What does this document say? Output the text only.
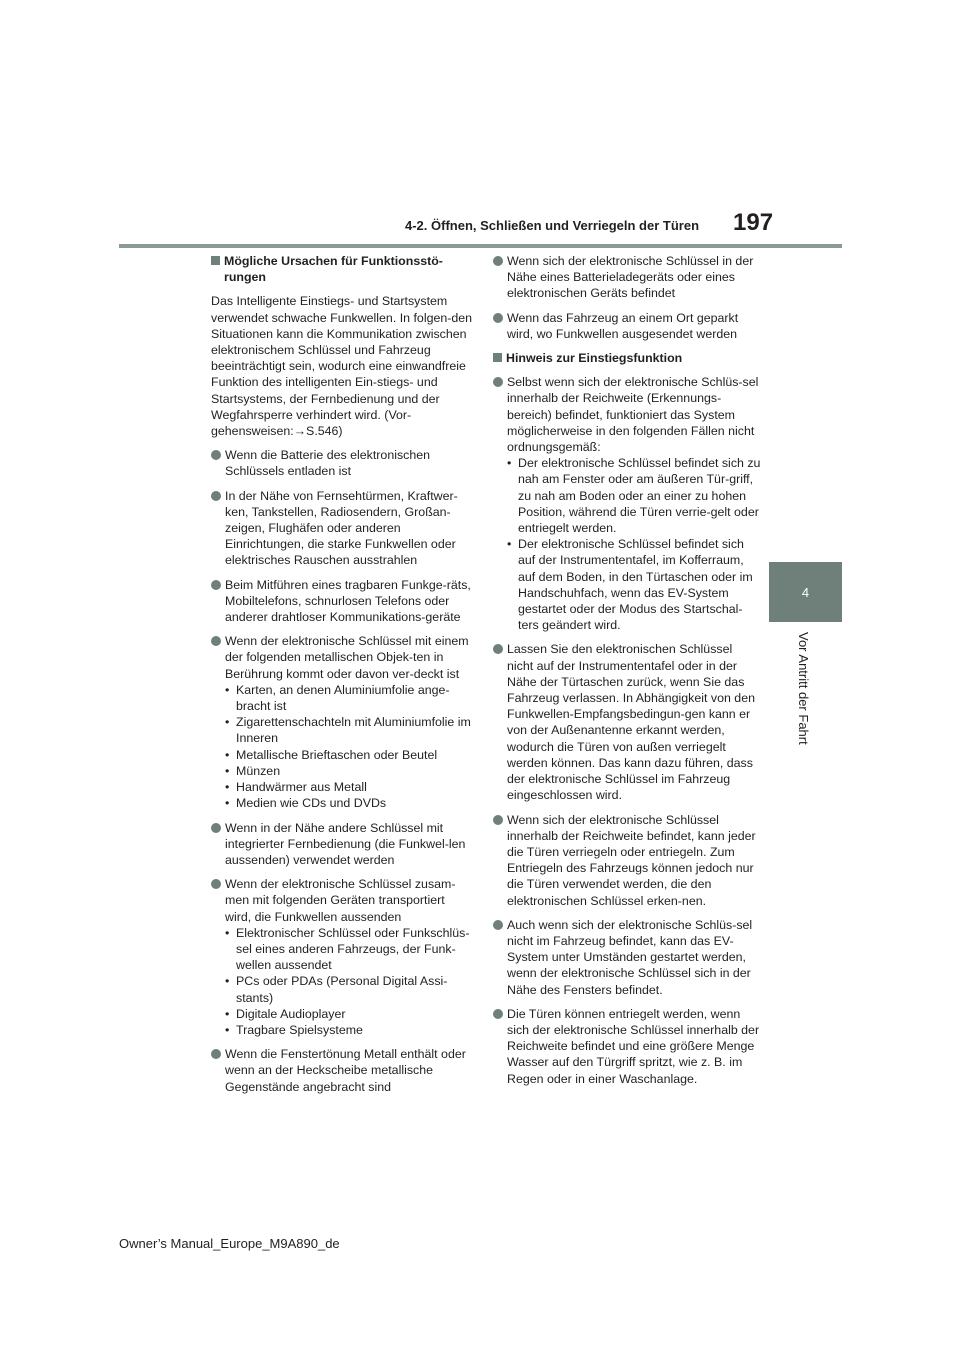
4-2. Öffnen, Schließen und Verriegeln der Türen 197
4
Vor Antritt der Fahrt
Mögliche Ursachen für Funktionsstö-rungen
Das Intelligente Einstiegs- und Startsystem verwendet schwache Funkwellen. In folgen-den Situationen kann die Kommunikation zwischen elektronischem Schlüssel und Fahrzeug beeinträchtigt sein, wodurch eine einwandfreie Funktion des intelligenten Ein-stiegs- und Startsystems, der Fernbedienung und der Wegfahrsperre verhindert wird. (Vor-gehensweisen:→S.546)
Wenn die Batterie des elektronischen Schlüssels entladen ist
In der Nähe von Fernsehtürmen, Kraftwer-ken, Tankstellen, Radiosendern, Großan-zeigen, Flughäfen oder anderen Einrichtungen, die starke Funkwellen oder elektrisches Rauschen ausstrahlen
Beim Mitführen eines tragbaren Funkge-räts, Mobiltelefons, schnurlosen Telefons oder anderer drahtloser Kommunikations-geräte
Wenn der elektronische Schlüssel mit einem der folgenden metallischen Objek-ten in Berührung kommt oder davon ver-deckt ist
• Karten, an denen Aluminiumfolie ange-bracht ist
• Zigarettenschachteln mit Aluminiumfolie im Inneren
• Metallische Brieftaschen oder Beutel
• Münzen
• Handwärmer aus Metall
• Medien wie CDs und DVDs
Wenn in der Nähe andere Schlüssel mit integrierter Fernbedienung (die Funkwel-len aussenden) verwendet werden
Wenn der elektronische Schlüssel zusam-men mit folgenden Geräten transportiert wird, die Funkwellen aussenden
• Elektronischer Schlüssel oder Funkschlüs-sel eines anderen Fahrzeugs, der Funk-wellen aussendet
• PCs oder PDAs (Personal Digital Assi-stants)
• Digitale Audioplayer
• Tragbare Spielsysteme
Wenn die Fenstertönung Metall enthält oder wenn an der Heckscheibe metallische Gegenstände angebracht sind
Wenn sich der elektronische Schlüssel in der Nähe eines Batterieladegeräts oder eines elektronischen Geräts befindet
Wenn das Fahrzeug an einem Ort geparkt wird, wo Funkwellen ausgesendet werden
Hinweis zur Einstiegsfunktion
Selbst wenn sich der elektronische Schlüs-sel innerhalb der Reichweite (Erkennungs-bereich) befindet, funktioniert das System möglicherweise in den folgenden Fällen nicht ordnungsgemäß:
• Der elektronische Schlüssel befindet sich zu nah am Fenster oder am äußeren Tür-griff, zu nah am Boden oder an einer zu hohen Position, während die Türen verrie-gelt oder entriegelt werden.
• Der elektronische Schlüssel befindet sich auf der Instrumententafel, im Kofferraum, auf dem Boden, in den Türtaschen oder im Handschuhfach, wenn das EV-System gestartet oder der Modus des Startschal-ters geändert wird.
Lassen Sie den elektronischen Schlüssel nicht auf der Instrumententafel oder in der Nähe der Türtaschen zurück, wenn Sie das Fahrzeug verlassen. In Abhängigkeit von den Funkwellen-Empfangsbedingun-gen kann er von der Außenantenne erkannt werden, wodurch die Türen von außen verriegelt werden können. Das kann dazu führen, dass der elektronische Schlüssel im Fahrzeug eingeschlossen wird.
Wenn sich der elektronische Schlüssel innerhalb der Reichweite befindet, kann jeder die Türen verriegeln oder entriegeln. Zum Entriegeln des Fahrzeugs können jedoch nur die Türen verwendet werden, die den elektronischen Schlüssel erken-nen.
Auch wenn sich der elektronische Schlüs-sel nicht im Fahrzeug befindet, kann das EV-System unter Umständen gestartet werden, wenn der elektronische Schlüssel sich in der Nähe des Fensters befindet.
Die Türen können entriegelt werden, wenn sich der elektronische Schlüssel innerhalb der Reichweite befindet und eine größere Menge Wasser auf den Türgriff spritzt, wie z. B. im Regen oder in einer Waschanlage.
Owner’s Manual_Europe_M9A890_de
